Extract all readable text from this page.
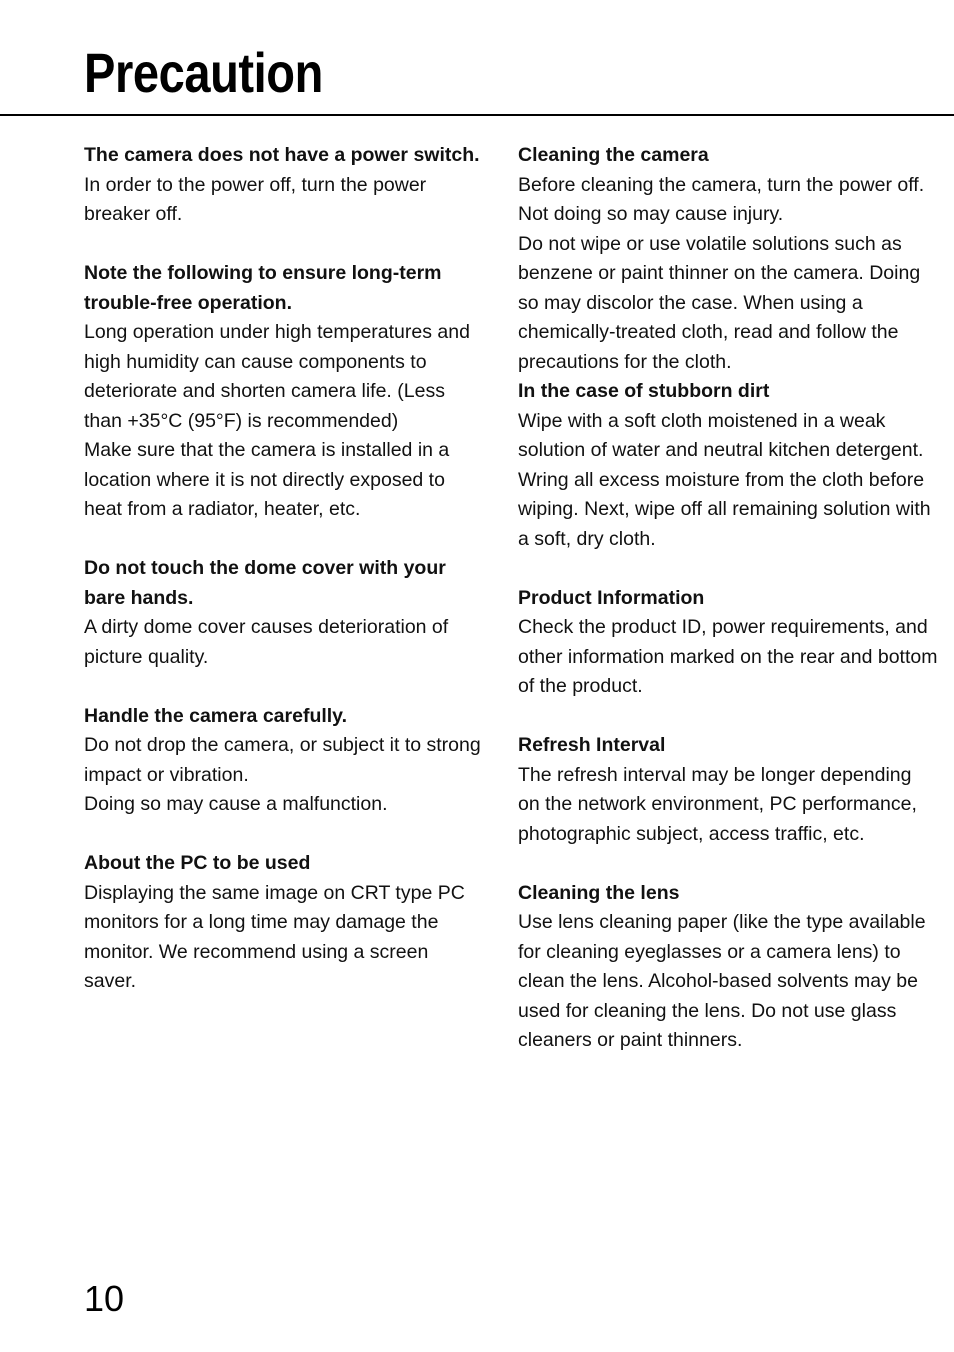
Precaution

The camera does not have a power switch.

In order to the power off, turn the power breaker off.

Note the following to ensure long-term trouble-free operation.

Long operation under high temperatures and high humidity can cause components to deteriorate and shorten camera life. (Less than +35°C (95°F) is recommended)

Make sure that the camera is installed in a location where it is not directly exposed to heat from a radiator, heater, etc.

Do not touch the dome cover with your bare hands.

A dirty dome cover causes deterioration of picture quality.

Handle the camera carefully.

Do not drop the camera, or subject it to strong impact or vibration.

Doing so may cause a malfunction.

About the PC to be used

Displaying the same image on CRT type PC monitors for a long time may damage the monitor. We recommend using a screen saver.

Cleaning the camera

Before cleaning the camera, turn the power off. Not doing so may cause injury.

Do not wipe or use volatile solutions such as benzene or paint thinner on the camera. Doing so may discolor the case. When using a chemically-treated cloth, read and follow the precautions for the cloth.

In the case of stubborn dirt

Wipe with a soft cloth moistened in a weak solution of water and neutral kitchen detergent. Wring all excess moisture from the cloth before wiping. Next, wipe off all remaining solution with a soft, dry cloth.

Product Information

Check the product ID, power requirements, and other information marked on the rear and bottom of the product.

Refresh Interval

The refresh interval may be longer depending on the network environment, PC performance, photographic subject, access traffic, etc.

Cleaning the lens

Use lens cleaning paper (like the type available for cleaning eyeglasses or a camera lens) to clean the lens. Alcohol-based solvents may be used for cleaning the lens. Do not use glass cleaners or paint thinners.

10
